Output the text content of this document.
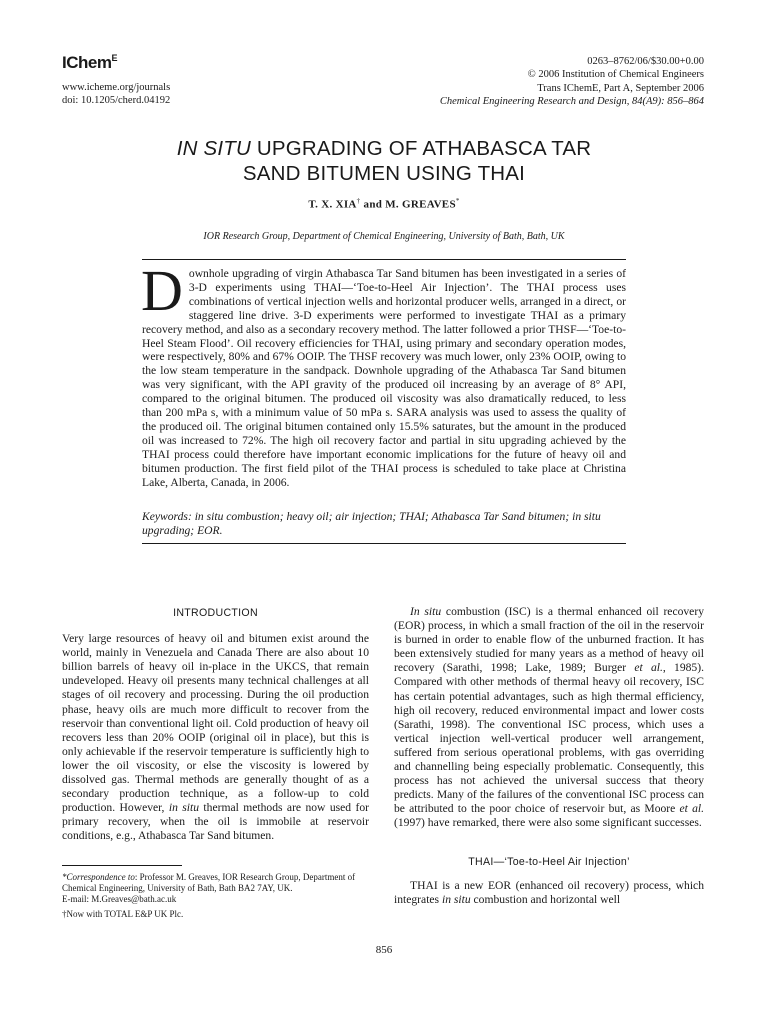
IChem$^E$
www.icheme.org/journals
doi: 10.1205/cherd.04192
0263–8762/06/$30.00+0.00
© 2006 Institution of Chemical Engineers
Trans IChemE, Part A, September 2006
Chemical Engineering Research and Design, 84(A9): 856–864
IN SITU UPGRADING OF ATHABASCA TAR
SAND BITUMEN USING THAI
T. X. XIA† and M. GREAVES*
IOR Research Group, Department of Chemical Engineering, University of Bath, Bath, UK
Downhole upgrading of virgin Athabasca Tar Sand bitumen has been investigated in a series of 3-D experiments using THAI—‘Toe-to-Heel Air Injection’. The THAI process uses combinations of vertical injection wells and horizontal producer wells, arranged in a direct, or staggered line drive. 3-D experiments were performed to investigate THAI as a primary recovery method, and also as a secondary recovery method. The latter followed a prior THSF—‘Toe-to-Heel Steam Flood’. Oil recovery efficiencies for THAI, using primary and secondary operation modes, were respectively, 80% and 67% OOIP. The THSF recovery was much lower, only 23% OOIP, owing to the low steam temperature in the sandpack. Downhole upgrading of the Athabasca Tar Sand bitumen was very significant, with the API gravity of the produced oil increasing by an average of 8° API, compared to the original bitumen. The produced oil viscosity was also dramatically reduced, to less than 200 mPa s, with a minimum value of 50 mPa s. SARA analysis was used to assess the quality of the produced oil. The original bitumen contained only 15.5% saturates, but the amount in the produced oil was increased to 72%. The high oil recovery factor and partial in situ upgrading achieved by the THAI process could therefore have important economic implications for the future of heavy oil and bitumen production. The first field pilot of the THAI process is scheduled to take place at Christina Lake, Alberta, Canada, in 2006.
Keywords: in situ combustion; heavy oil; air injection; THAI; Athabasca Tar Sand bitumen; in situ upgrading; EOR.
INTRODUCTION

Very large resources of heavy oil and bitumen exist around the world, mainly in Venezuela and Canada There are also about 10 billion barrels of heavy oil in-place in the UKCS, that remain undeveloped. Heavy oil presents many technical challenges at all stages of oil recovery and processing. During the oil production phase, heavy oils are much more difficult to recover from the reservoir than conventional light oil. Cold production of heavy oil recovers less than 20% OOIP (original oil in place), but this is only achievable if the reservoir temperature is sufficiently high to lower the oil viscosity, or else the viscosity is lowered by dissolved gas. Thermal methods are generally thought of as a secondary production technique, as a follow-up to cold production. However, in situ thermal methods are now used for primary recovery, when the oil is immobile at reservoir conditions, e.g., Athabasca Tar Sand bitumen.

In situ combustion (ISC) is a thermal enhanced oil recovery (EOR) process, in which a small fraction of the oil in the reservoir is burned in order to enable flow of the unburned fraction. It has been extensively studied for many years as a method of heavy oil recovery (Sarathi, 1998; Lake, 1989; Burger et al., 1985). Compared with other methods of thermal heavy oil recovery, ISC has certain potential advantages, such as high thermal efficiency, high oil recovery, reduced environmental impact and lower costs (Sarathi, 1998). The conventional ISC process, which uses a vertical injection well-vertical producer well arrangement, suffered from serious operational problems, with gas overriding and channelling being especially problematic. Consequently, this process has not achieved the universal success that theory predicts. Many of the failures of the conventional ISC process can be attributed to the poor choice of reservoir but, as Moore et al. (1997) have remarked, there were also some significant successes.

THAI—‘Toe-to-Heel Air Injection’

THAI is a new EOR (enhanced oil recovery) process, which integrates in situ combustion and horizontal well

*Correspondence to: Professor M. Greaves, IOR Research Group, Department of Chemical Engineering, University of Bath, Bath BA2 7AY, UK.
E-mail: M.Greaves@bath.ac.uk
†Now with TOTAL E&P UK Plc.
856
